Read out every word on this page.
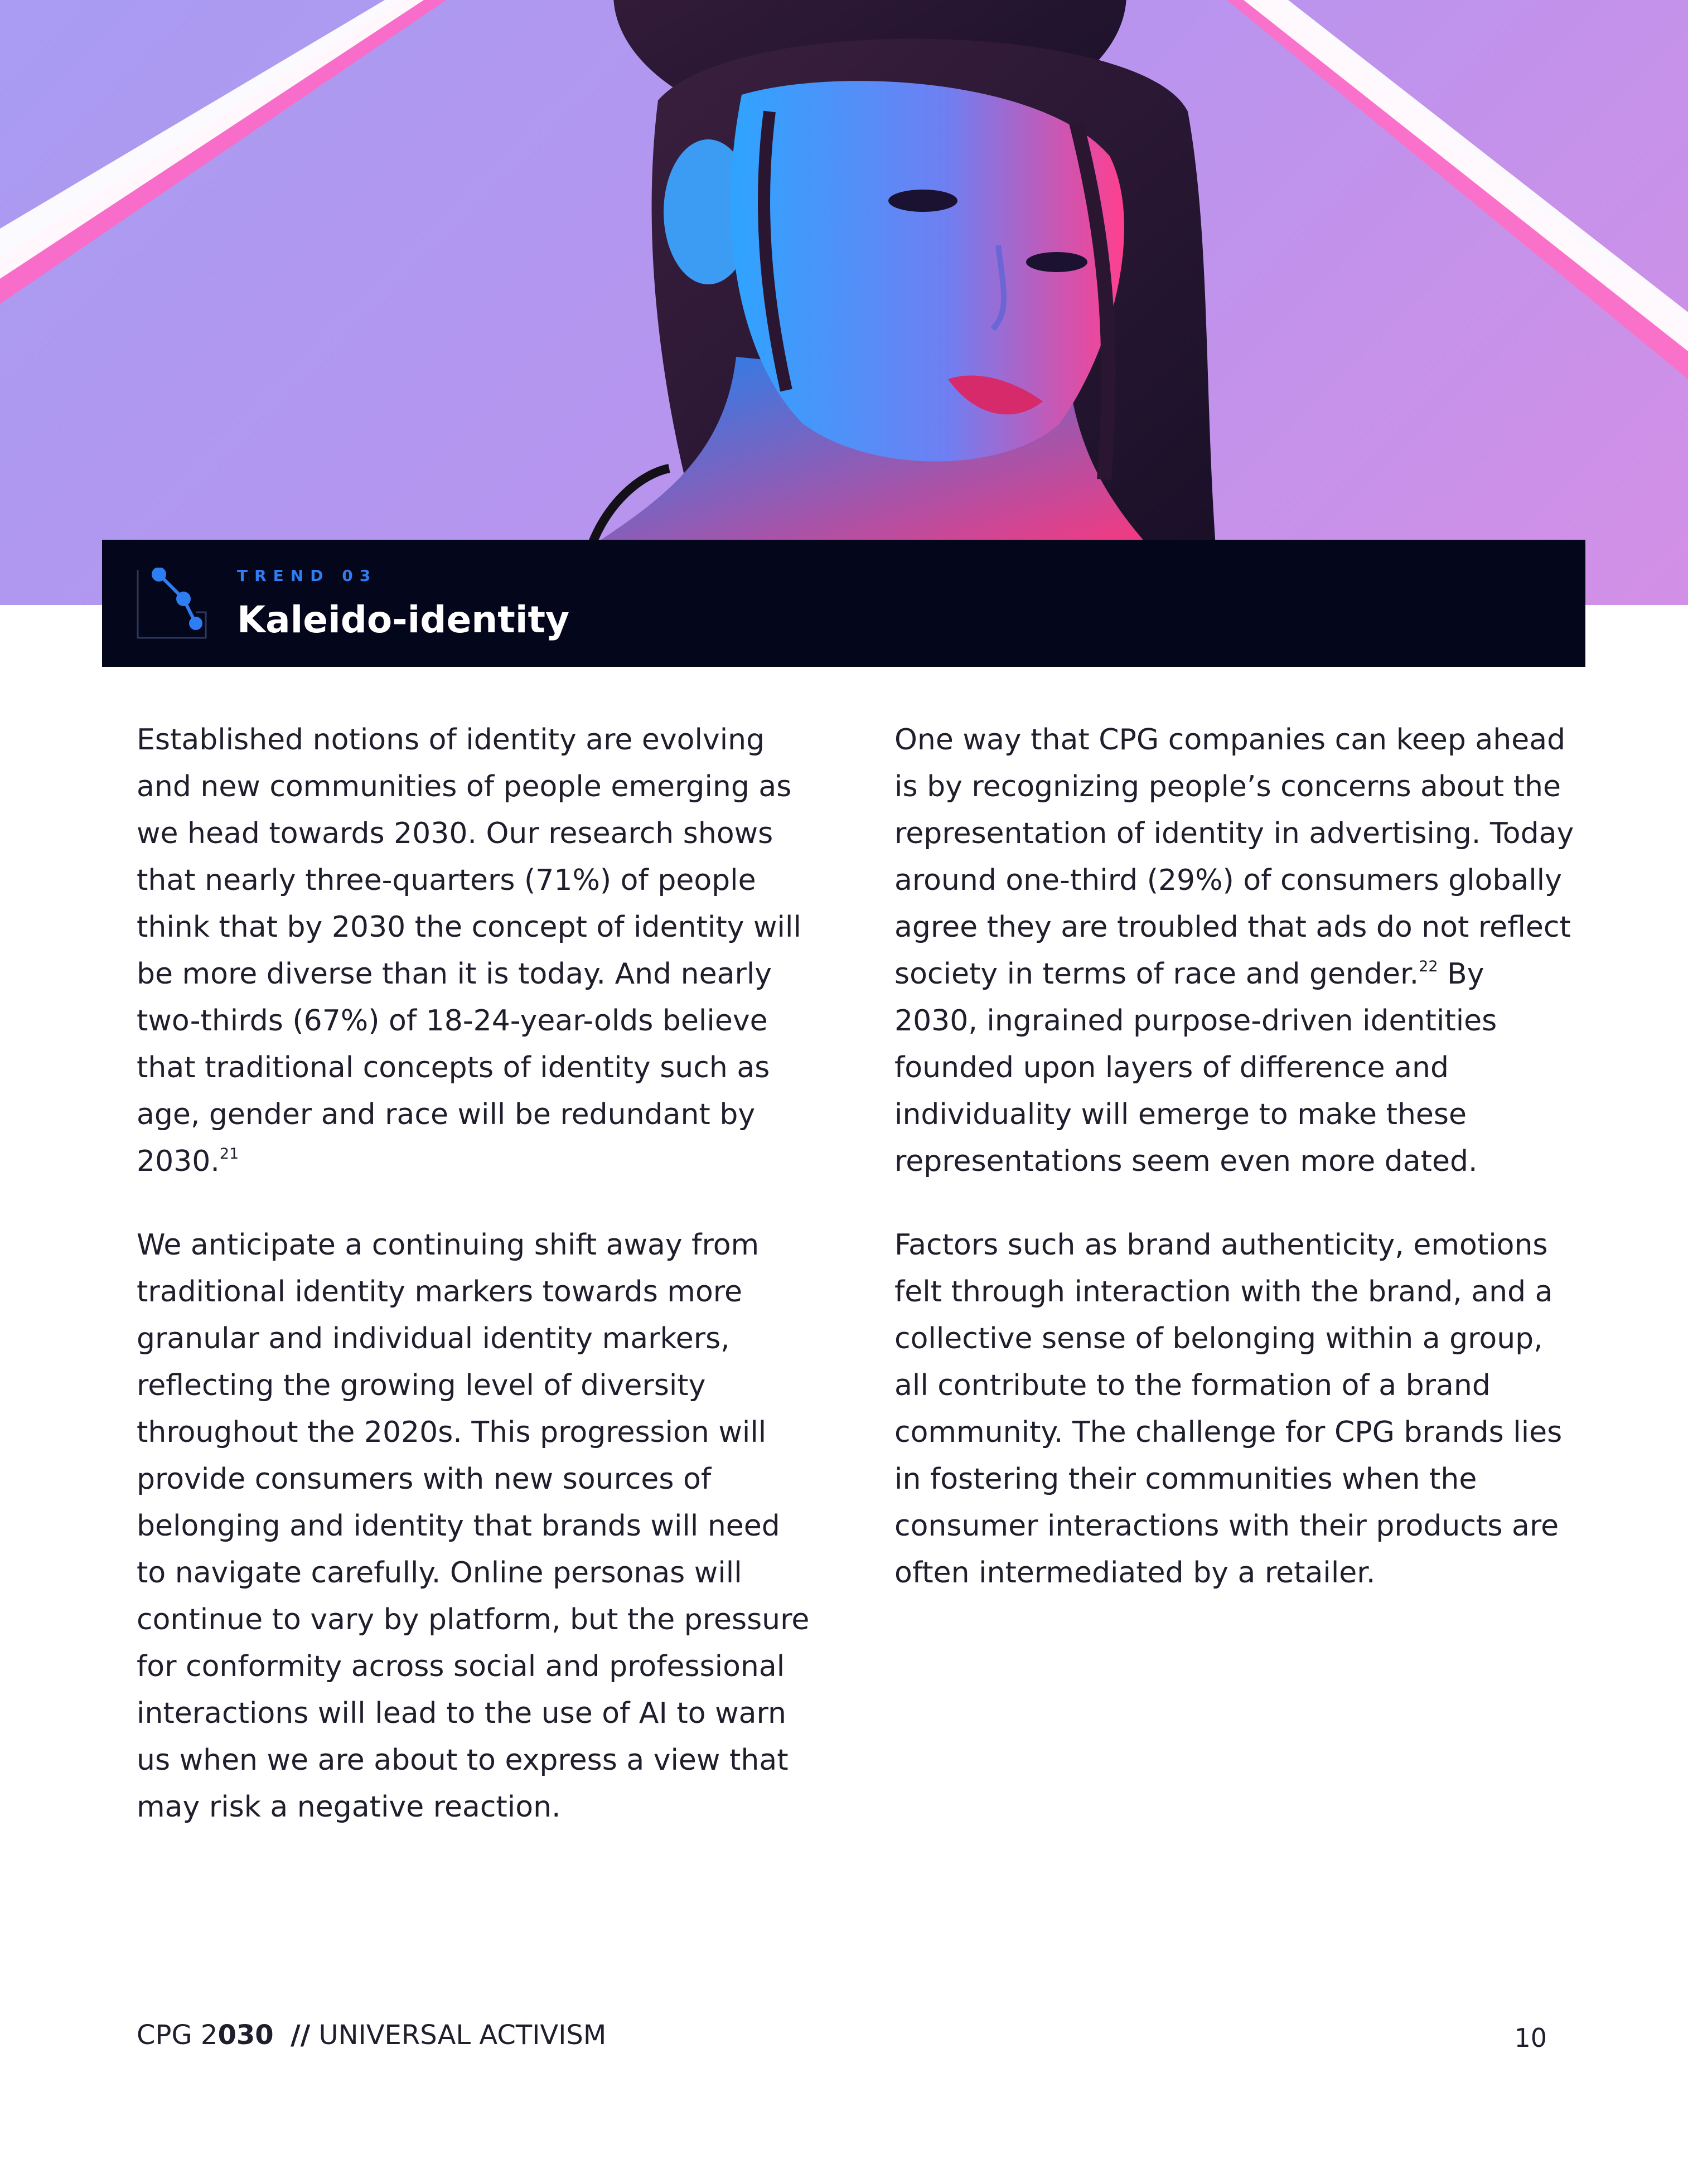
TREND 03
Kaleido-identity

Established notions of identity are evolving and new communities of people emerging as we head towards 2030. Our research shows that nearly three-quarters (71%) of people think that by 2030 the concept of identity will be more diverse than it is today. And nearly two-thirds (67%) of 18-24-year-olds believe that traditional concepts of identity such as age, gender and race will be redundant by 2030.21

We anticipate a continuing shift away from traditional identity markers towards more granular and individual identity markers, reflecting the growing level of diversity throughout the 2020s. This progression will provide consumers with new sources of belonging and identity that brands will need to navigate carefully. Online personas will continue to vary by platform, but the pressure for conformity across social and professional interactions will lead to the use of AI to warn us when we are about to express a view that may risk a negative reaction.

One way that CPG companies can keep ahead is by recognizing people’s concerns about the representation of identity in advertising. Today around one-third (29%) of consumers globally agree they are troubled that ads do not reflect society in terms of race and gender.$^{22}$ By 2030, ingrained purpose-driven identities founded upon layers of difference and individuality will emerge to make these representations seem even more dated.

Factors such as brand authenticity, emotions felt through interaction with the brand, and a collective sense of belonging within a group, all contribute to the formation of a brand community. The challenge for CPG brands lies in fostering their communities when the consumer interactions with their products are often intermediated by a retailer.

CPG 2030 // UNIVERSAL ACTIVISM	10
